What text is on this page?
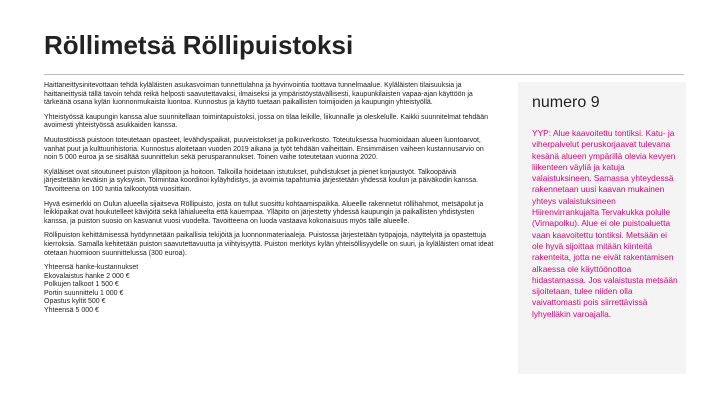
Röllimetsä Röllipuistoksi

Haittaneittysinitevottaan tehdä kyläläisten asukasvoiman tunnettulahna ja hyvinvointia tuottava tunnelmaalue. Kyläläisten tilaisuuksia ja haittaneittysiä tällä tavoin tehdä reikä helposti saavutettavaksi, ilmaiseksi ja ympäristöystävällisesti, kaupunkilaisten vapaa-ajan käyttöön ja tärkeänä osana kylän luonnonmukaista luontoa. Kunnostus ja käyttö tuetaan paikallisten toimijoiden ja kaupungin yhteistyöllä.

Yhteistyössä kaupungin kanssa alue suunnitellaan toimintapuistoksi, jossa on tilaa leikille, liikunnalle ja oleskelulle. Kaikki suunnitelmat tehdään avoimesti yhteistyössä asukkaiden kanssa.

Muutostöissä puistoon toteutetaan opasteet, levähdyspaikat, puuveistokset ja polkuverkosto. Toteutuksessa huomioidaan alueen luontoarvot, vanhat puut ja kulttuurihistoria. Kunnostus aloitetaan vuoden 2019 aikana ja työt tehdään vaiheittain. Ensimmäisen vaiheen kustannusarvio on noin 5 000 euroa ja se sisältää suunnittelun sekä perusparannukset. Toinen vaihe toteutetaan vuonna 2020.

Kyläläiset ovat sitoutuneet puiston ylläpitoon ja hoitoon. Talkoilla hoidetaan istutukset, puhdistukset ja pienet korjaustyöt. Talkoopäiviä järjestetään keväisin ja syksyisin. Toimintaa koordinoi kyläyhdistys, ja avoimia tapahtumia järjestetään yhdessä koulun ja päiväkodin kanssa. Tavoitteena on 100 tuntia talkootyötä vuosittain.

Hyvä esimerkki on Oulun alueella sijaitseva Röllipuisto, josta on tullut suosittu kohtaamispaikka. Alueelle rakennetut röllihahmot, metsäpolut ja leikkipaikat ovat houkutelleet kävijöitä sekä lähialueelta että kauempaa. Ylläpito on järjestetty yhdessä kaupungin ja paikallisten yhdistysten kanssa, ja puiston suosio on kasvanut vuosi vuodelta. Tavoitteena on luoda vastaava kokonaisuus myös tälle alueelle.

Röllipuiston kehittämisessä hyödynnetään paikallisia tekijöitä ja luonnonmateriaaleja. Puistossa järjestetään työpajoja, näyttelyitä ja opastettuja kierroksia. Samalla kehitetään puiston saavutettavuutta ja viihtyisyyttä. Puiston merkitys kylän yhteisöllisyydelle on suuri, ja kyläläisten omat ideat otetaan huomioon suunnittelussa (300 euroa).

Yhteensä hanke-kustannukset
Ekovalaistus hanke 2 000 €
Polkujen talkoot 1 500 €
Portin suunnittelu 1 000 €
Opastus kyltit 500 €
Yhteensä 5 000 €
numero 9
YYP: Alue kaavoitettu tontiksi. Katu- ja viherpalvelut peruskorjaavat tulevana kesänä alueen ympärillä olevia kevyen liikenteen väyliä ja katuja valaistuksineen. Samassa yhteydessä rakennetaan uusi kaavan mukainen yhteys valaistuksineen Hiirenvirrankujalta Tervakukka polulle (Virnapolku). Alue ei ole puistoaluetta vaan kaavoitettu tontiksi. Metsään ei ole hyvä sijoittaa mitään kiinteitä rakenteita, jotta ne eivät rakentamisen alkaessa ole käyttöönottoa hidastamassa. Jos valaistusta metsään sijoitetaan, tulee niiden olla vaivattomasti pois siirrettävissä lyhyelläkin varoajalla.
